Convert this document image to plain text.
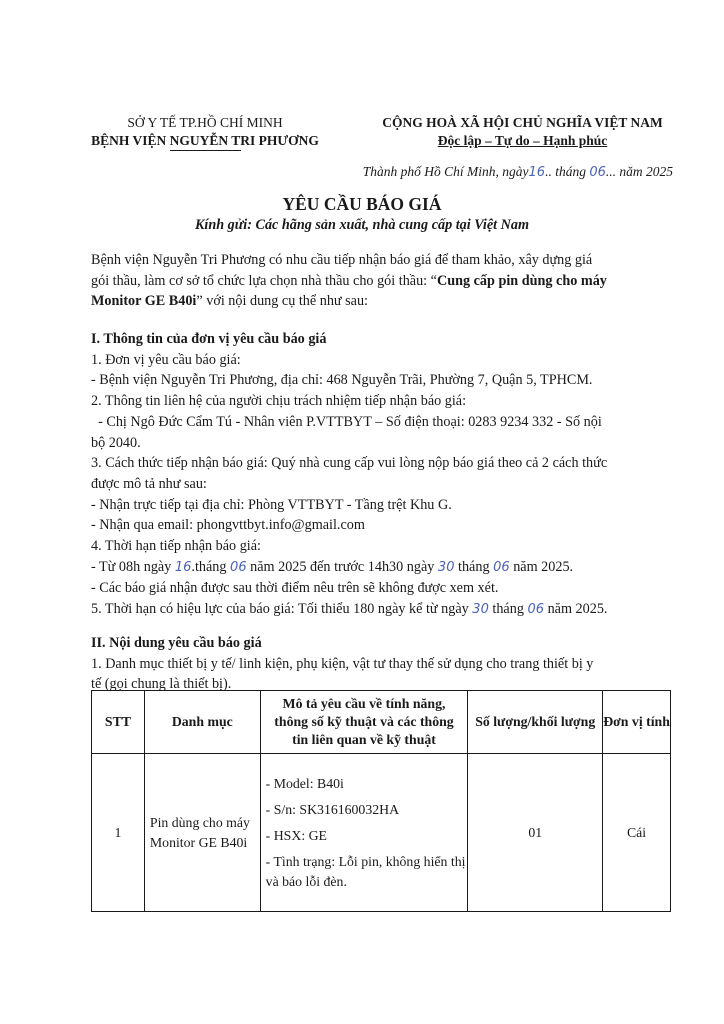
SỞ Y TẾ TP.HỒ CHÍ MINH
BỆNH VIỆN NGUYỄN TRI PHƯƠNG
CỘNG HOÀ XÃ HỘI CHỦ NGHĨA VIỆT NAM
Độc lập – Tự do – Hạnh phúc
Thành phố Hồ Chí Minh, ngày16.. tháng 06... năm 2025
YÊU CẦU BÁO GIÁ
Kính gửi: Các hãng sản xuất, nhà cung cấp tại Việt Nam
Bệnh viện Nguyễn Tri Phương có nhu cầu tiếp nhận báo giá để tham khảo, xây dựng giá
gói thầu, làm cơ sở tổ chức lựa chọn nhà thầu cho gói thầu: “Cung cấp pin dùng cho máy
Monitor GE B40i” với nội dung cụ thể như sau:
I. Thông tin của đơn vị yêu cầu báo giá
1. Đơn vị yêu cầu báo giá:
- Bệnh viện Nguyễn Tri Phương, địa chỉ: 468 Nguyễn Trãi, Phường 7, Quận 5, TPHCM.
2. Thông tin liên hệ của người chịu trách nhiệm tiếp nhận báo giá:
- Chị Ngô Đức Cẩm Tú - Nhân viên P.VTTBYT – Số điện thoại: 0283 9234 332 - Số nội
bộ 2040.
3. Cách thức tiếp nhận báo giá: Quý nhà cung cấp vui lòng nộp báo giá theo cả 2 cách thức
được mô tả như sau:
- Nhận trực tiếp tại địa chỉ: Phòng VTTBYT - Tầng trệt Khu G.
- Nhận qua email: phongvttbyt.info@gmail.com
4. Thời hạn tiếp nhận báo giá:
- Từ 08h ngày 16.tháng 06 năm 2025 đến trước 14h30 ngày 30 tháng 06 năm 2025.
- Các báo giá nhận được sau thời điểm nêu trên sẽ không được xem xét.
5. Thời hạn có hiệu lực của báo giá: Tối thiểu 180 ngày kể từ ngày 30 tháng 06 năm 2025.
II. Nội dung yêu cầu báo giá
1. Danh mục thiết bị y tế/ linh kiện, phụ kiện, vật tư thay thế sử dụng cho trang thiết bị y
tế (gọi chung là thiết bị).
STT	Danh mục	Mô tả yêu cầu về tính năng, thông số kỹ thuật và các thông tin liên quan về kỹ thuật	Số lượng/khối lượng	Đơn vị tính
1	Pin dùng cho máy Monitor GE B40i	- Model: B40i
- S/n: SK316160032HA
- HSX: GE
- Tình trạng: Lỗi pin, không hiển thị và báo lỗi đèn.	01	Cái
